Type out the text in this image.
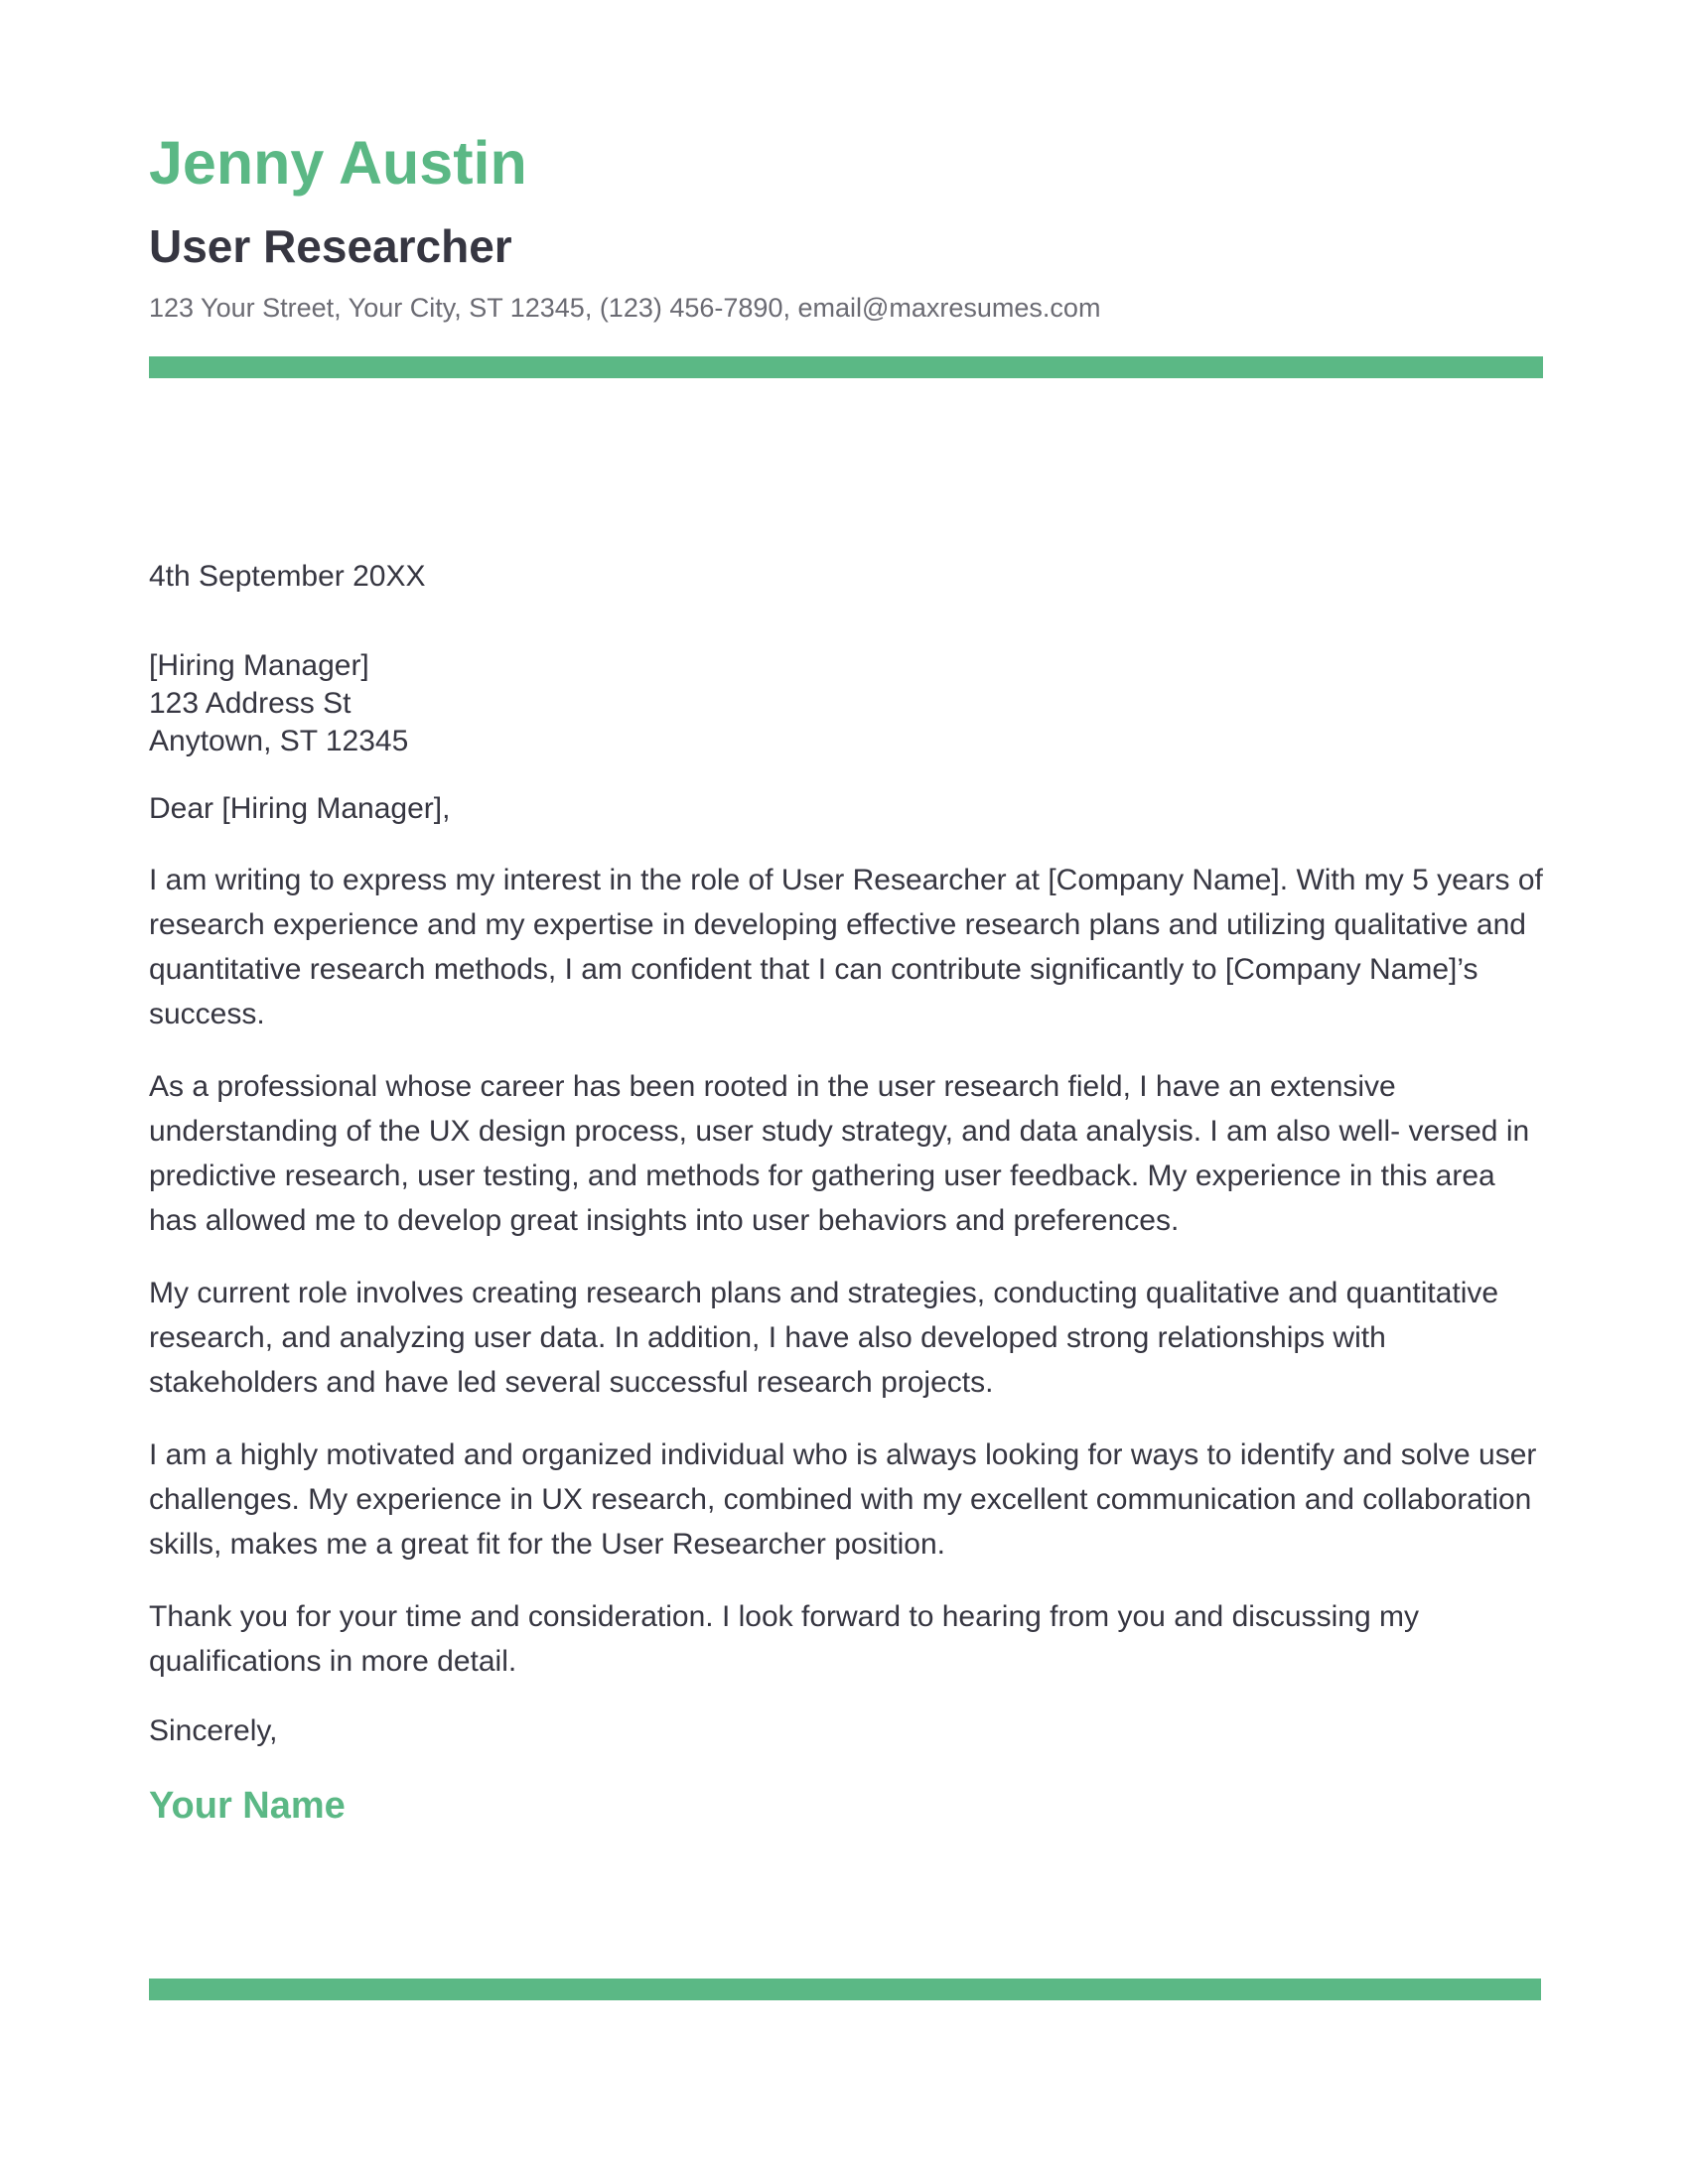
Jenny Austin
User Researcher
123 Your Street, Your City, ST 12345, (123) 456-7890, email@maxresumes.com
4th September 20XX
[Hiring Manager]
123 Address St
Anytown, ST 12345
Dear [Hiring Manager],

I am writing to express my interest in the role of User Researcher at [Company Name]. With my 5 years of research experience and my expertise in developing effective research plans and utilizing qualitative and quantitative research methods, I am confident that I can contribute significantly to [Company Name]’s success.

As a professional whose career has been rooted in the user research field, I have an extensive understanding of the UX design process, user study strategy, and data analysis. I am also well- versed in predictive research, user testing, and methods for gathering user feedback. My experience in this area has allowed me to develop great insights into user behaviors and preferences.

My current role involves creating research plans and strategies, conducting qualitative and quantitative research, and analyzing user data. In addition, I have also developed strong relationships with stakeholders and have led several successful research projects.

I am a highly motivated and organized individual who is always looking for ways to identify and solve user challenges. My experience in UX research, combined with my excellent communication and collaboration skills, makes me a great fit for the User Researcher position.

Thank you for your time and consideration. I look forward to hearing from you and discussing my qualifications in more detail.

Sincerely,
Your Name
